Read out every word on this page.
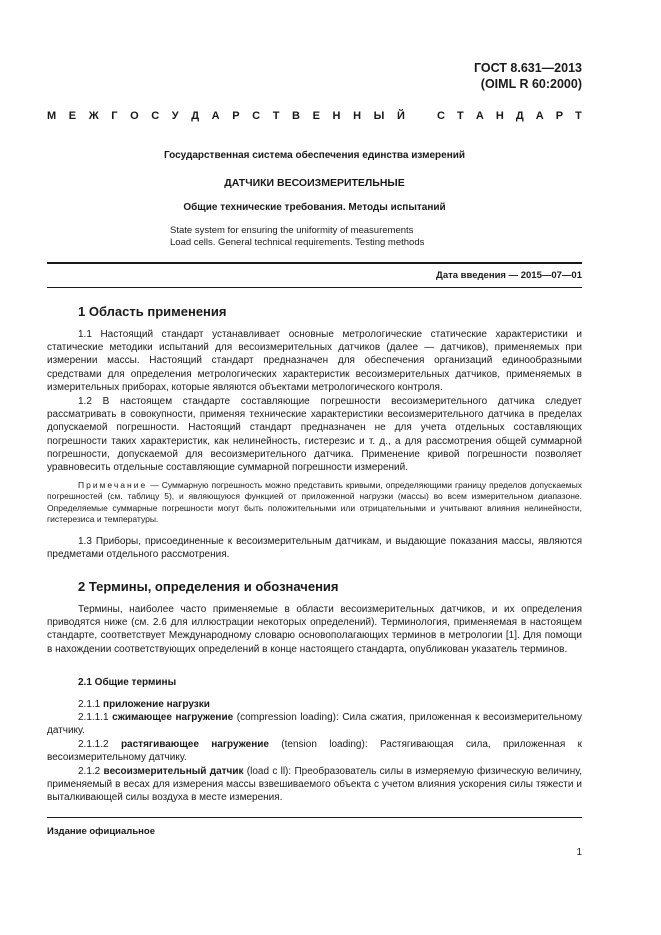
ГОСТ 8.631—2013
(OIML R 60:2000)
М Е Ж Г О С У Д А Р С Т В Е Н Н Ы Й	С Т А Н Д А Р Т
Государственная система обеспечения единства измерений
ДАТЧИКИ ВЕСОИЗМЕРИТЕЛЬНЫЕ
Общие технические требования. Методы испытаний
State system for ensuring the uniformity of measurements
Load cells. General technical requirements. Testing methods
Дата введения — 2015—07—01
1 Область применения

1.1 Настоящий стандарт устанавливает основные метрологические статические характеристики и статические методики испытаний для весоизмерительных датчиков (далее — датчиков), применяемых при измерении массы. Настоящий стандарт предназначен для обеспечения организаций единообразными средствами для определения метрологических характеристик весоизмерительных датчиков, применяемых в измерительных приборах, которые являются объектами метрологического контроля.

1.2 В настоящем стандарте составляющие погрешности весоизмерительного датчика следует рассматривать в совокупности, применяя технические характеристики весоизмерительного датчика в пределах допускаемой погрешности. Настоящий стандарт предназначен не для учета отдельных составляющих погрешности таких характеристик, как нелинейность, гистерезис и т. д., а для рассмотрения общей суммарной погрешности, допускаемой для весоизмерительного датчика. Применение кривой погрешности позволяет уравновесить отдельные составляющие суммарной погрешности измерений.

Примечание — Суммарную погрешность можно представить кривыми, определяющими границу пределов допускаемых погрешностей (см. таблицу 5), и являющуюся функцией от приложенной нагрузки (массы) во всем измерительном диапазоне. Определяемые суммарные погрешности могут быть положительными или отрицательными и учитывают влияния нелинейности, гистерезиса и температуры.

1.3 Приборы, присоединенные к весоизмерительным датчикам, и выдающие показания массы, являются предметами отдельного рассмотрения.

2 Термины, определения и обозначения

Термины, наиболее часто применяемые в области весоизмерительных датчиков, и их определения приводятся ниже (см. 2.6 для иллюстрации некоторых определений). Терминология, применяемая в настоящем стандарте, соответствует Международному словарю основополагающих терминов в метрологии [1]. Для помощи в нахождении соответствующих определений в конце настоящего стандарта, опубликован указатель терминов.

2.1 Общие термины

2.1.1 приложение нагрузки

2.1.1.1 сжимающее нагружение (compression loading): Сила сжатия, приложенная к весоизмерительному датчику.

2.1.1.2 растягивающее нагружение (tension loading): Растягивающая сила, приложенная к весоизмерительному датчику.

2.1.2 весоизмерительный датчик (load c ll): Преобразователь силы в измеряемую физическую величину, применяемый в весах для измерения массы взвешиваемого объекта с учетом влияния ускорения силы тяжести и выталкивающей силы воздуха в месте измерения.

Издание официальное
1
